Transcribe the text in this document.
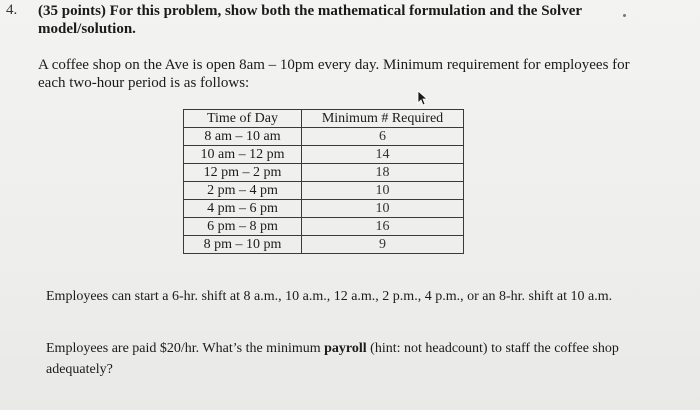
4. (35 points) For this problem, show both the mathematical formulation and the Solver model/solution.
A coffee shop on the Ave is open 8am – 10pm every day. Minimum requirement for employees for each two-hour period is as follows:
Time of Day	Minimum # Required
8 am – 10 am	6
10 am – 12 pm	14
12 pm – 2 pm	18
2 pm – 4 pm	10
4 pm – 6 pm	10
6 pm – 8 pm	16
8 pm – 10 pm	9
Employees can start a 6-hr. shift at 8 a.m., 10 a.m., 12 a.m., 2 p.m., 4 p.m., or an 8-hr. shift at 10 a.m.
Employees are paid $20/hr. What’s the minimum payroll (hint: not headcount) to staff the coffee shop adequately?
